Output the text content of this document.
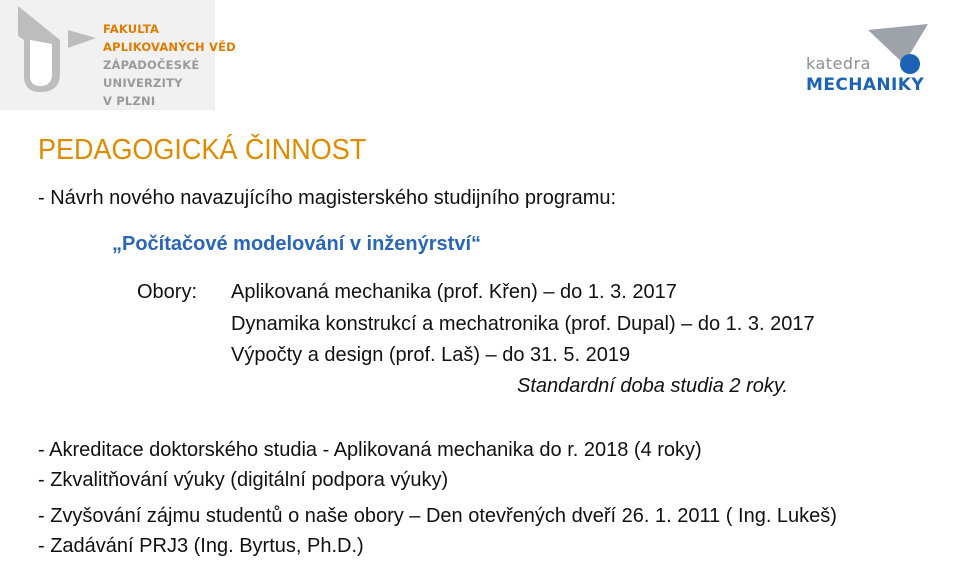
FAKULTA
APLIKOVANÝCH VĚD
ZÁPADOČESKÉ
UNIVERZITY
V PLZNI
katedra
MECHANIKY
PEDAGOGICKÁ ČINNOST
- Návrh nového navazujícího magisterského studijního programu:
„Počítačové modelování v inženýrství“
Obory: Aplikovaná mechanika (prof. Křen) – do 1. 3. 2017
Dynamika konstrukcí a mechatronika (prof. Dupal) – do 1. 3. 2017
Výpočty a design (prof. Laš) – do 31. 5. 2019
Standardní doba studia 2 roky.
- Akreditace doktorského studia - Aplikovaná mechanika do r. 2018 (4 roky)
- Zkvalitňování výuky (digitální podpora výuky)
- Zvyšování zájmu studentů o naše obory – Den otevřených dveří 26. 1. 2011 ( Ing. Lukeš)
- Zadávání PRJ3 (Ing. Byrtus, Ph.D.)
